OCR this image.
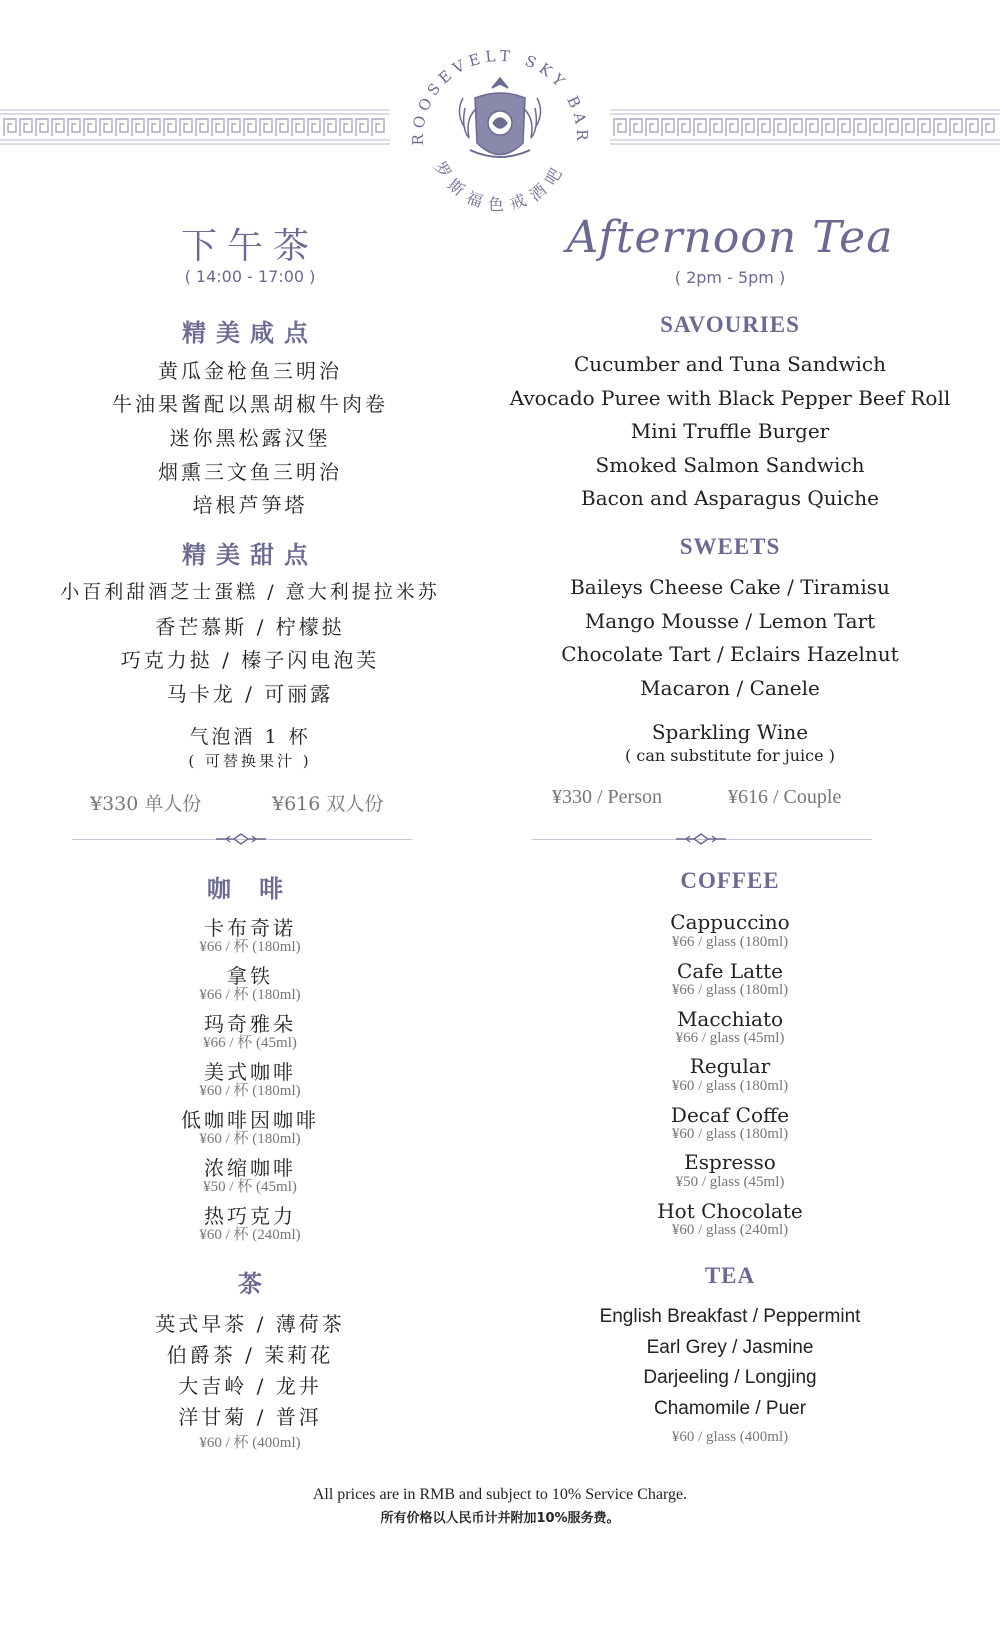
ROOSEVELT SKY BAR
罗斯福色戒酒吧
下午茶
( 14:00 - 17:00 )
精美咸点
黄瓜金枪鱼三明治
牛油果酱配以黑胡椒牛肉卷
迷你黑松露汉堡
烟熏三文鱼三明治
培根芦笋塔
精美甜点
小百利甜酒芝士蛋糕 / 意大利提拉米苏
香芒慕斯 / 柠檬挞
巧克力挞 / 榛子闪电泡芙
马卡龙 / 可丽露
气泡酒 1 杯
( 可替换果汁 )
¥330 单人份	¥616 双人份
Afternoon Tea
( 2pm - 5pm )
SAVOURIES
Cucumber and Tuna Sandwich
Avocado Puree with Black Pepper Beef Roll
Mini Truffle Burger
Smoked Salmon Sandwich
Bacon and Asparagus Quiche
SWEETS
Baileys Cheese Cake / Tiramisu
Mango Mousse / Lemon Tart
Chocolate Tart / Eclairs Hazelnut
Macaron / Canele
Sparkling Wine
( can substitute for juice )
¥330 / Person	¥616 / Couple
咖 啡
卡布奇诺
¥66 / 杯 (180ml)
拿铁
¥66 / 杯 (180ml)
玛奇雅朵
¥66 / 杯 (45ml)
美式咖啡
¥60 / 杯 (180ml)
低咖啡因咖啡
¥60 / 杯 (180ml)
浓缩咖啡
¥50 / 杯 (45ml)
热巧克力
¥60 / 杯 (240ml)
茶
英式早茶 / 薄荷茶
伯爵茶 / 茉莉花
大吉岭 / 龙井
洋甘菊 / 普洱
¥60 / 杯 (400ml)
COFFEE
Cappuccino
¥66 / glass (180ml)
Cafe Latte
¥66 / glass (180ml)
Macchiato
¥66 / glass (45ml)
Regular
¥60 / glass (180ml)
Decaf Coffe
¥60 / glass (180ml)
Espresso
¥50 / glass (45ml)
Hot Chocolate
¥60 / glass (240ml)
TEA
English Breakfast / Peppermint
Earl Grey / Jasmine
Darjeeling / Longjing
Chamomile / Puer
¥60 / glass (400ml)
All prices are in RMB and subject to 10% Service Charge.
所有价格以人民币计并附加10%服务费。
